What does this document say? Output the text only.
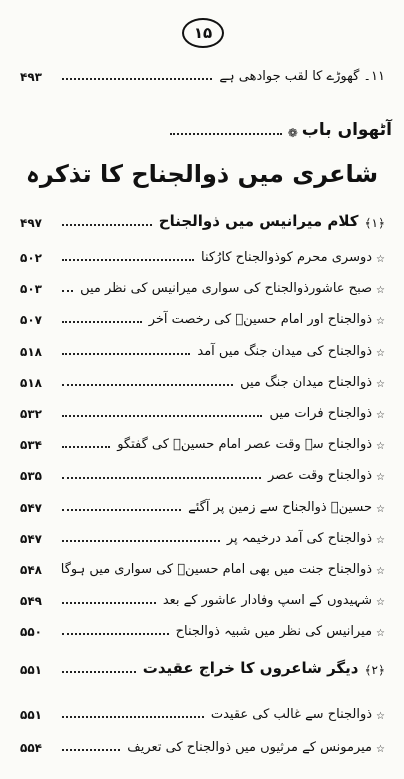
۱۵
۱۱۔ گھوڑے کا لقب جوادھی ہے
۴۹۳
آٹھواں باب
❁
شاعری میں ذوالجناح کا تذکرہ
﴿۱﴾
کلام میرانیس میں ذوالجناح
۴۹۷
☆
دوسری محرم کوذوالجناح کارُکنا
۵۰۲
☆
صبح عاشورذوالجناح کی سواری میرانیس کی نظر میں
۵۰۳
☆
ذوالجناح اور امام حسینؑ کی رخصت آخر
۵۰۷
☆
ذوالجناح کی میدان جنگ میں آمد
۵۱۸
☆
ذوالجناح میدان جنگ میں
۵۱۸
☆
ذوالجناح فرات میں
۵۳۲
☆
ذوالجناح سے وقت عصر امام حسینؑ کی گفتگو
۵۳۴
☆
ذوالجناح وقت عصر
۵۳۵
☆
حسینؑ ذوالجناح سے زمین پر آگئے
۵۴۷
☆
ذوالجناح کی آمد درخیمہ پر
۵۴۷
☆
ذوالجناح جنت میں بھی امام حسینؑ کی سواری میں ہوگا
۵۴۸
☆
شہیدوں کے اسپ وفادار عاشور کے بعد
۵۴۹
☆
میرانیس کی نظر میں شبیہ ذوالجناح
۵۵۰
﴿۲﴾
دیگر شاعروں کا خراج عقیدت
۵۵۱
☆
ذوالجناح سے غالب کی عقیدت
۵۵۱
☆
میرمونس کے مرثیوں میں ذوالجناح کی تعریف
۵۵۴
